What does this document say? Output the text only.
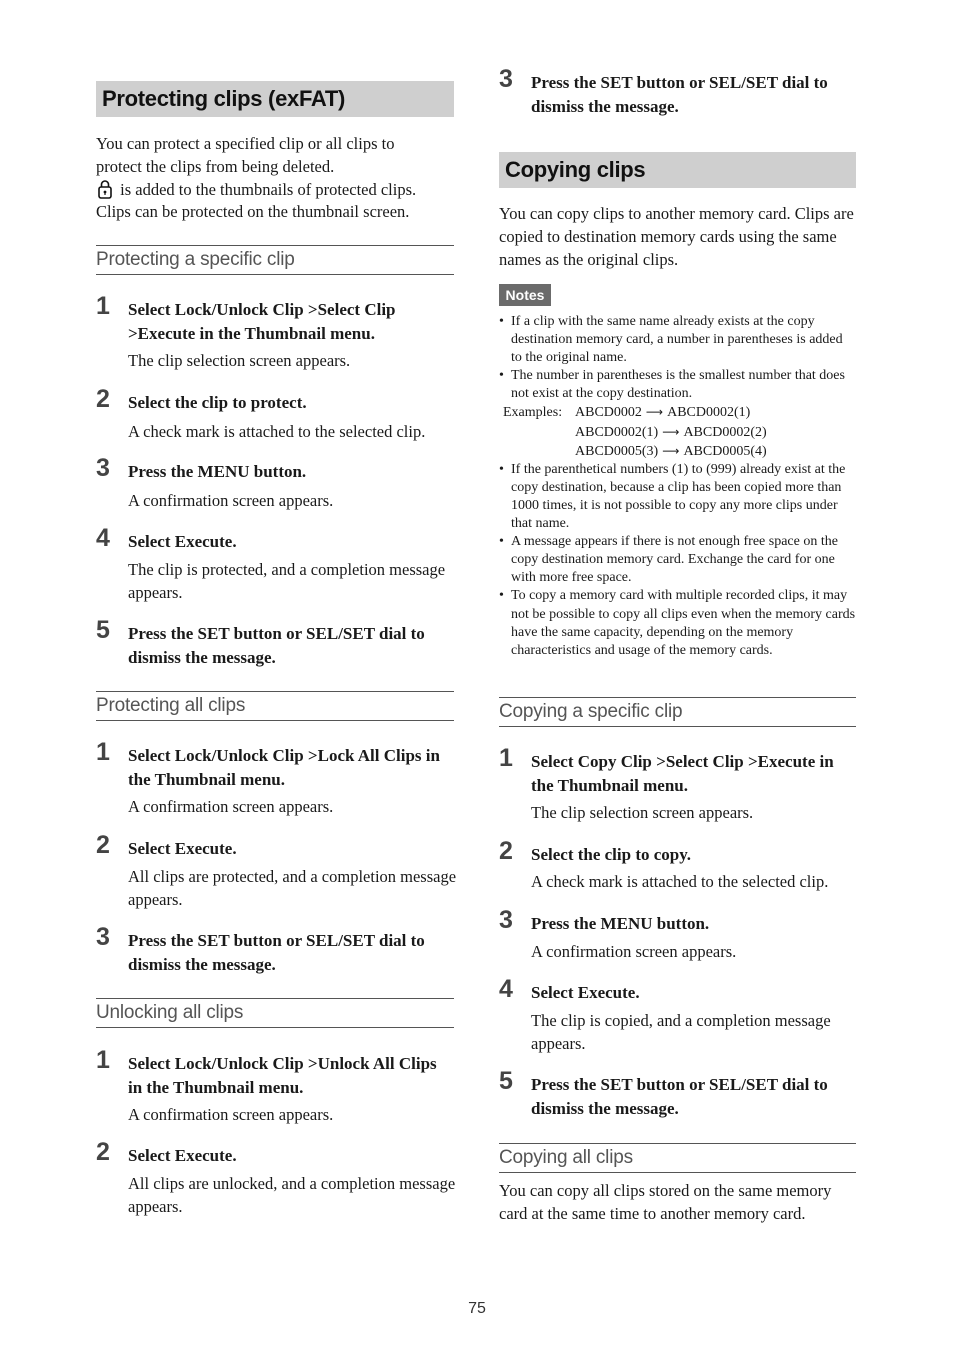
Protecting clips (exFAT)

You can protect a specified clip or all clips to
protect the clips from being deleted.
is added to the thumbnails of protected clips.
Clips can be protected on the thumbnail screen.

Protecting a specific clip
1 Select Lock/Unlock Clip >Select Clip >Execute in the Thumbnail menu.

The clip selection screen appears.

2 Select the clip to protect.

A check mark is attached to the selected clip.

3 Press the MENU button.

A confirmation screen appears.

4 Select Execute.

The clip is protected, and a completion message appears.

5 Press the SET button or SEL/SET dial to dismiss the message.

Protecting all clips
1 Select Lock/Unlock Clip >Lock All Clips in the Thumbnail menu.

A confirmation screen appears.

2 Select Execute.

All clips are protected, and a completion message appears.

3 Press the SET button or SEL/SET dial to dismiss the message.

Unlocking all clips
1 Select Lock/Unlock Clip >Unlock All Clips in the Thumbnail menu.

A confirmation screen appears.

2 Select Execute.

All clips are unlocked, and a completion message appears.

3 Press the SET button or SEL/SET dial to dismiss the message.

Copying clips

You can copy clips to another memory card. Clips are copied to destination memory cards using the same names as the original clips.

Notes
• If a clip with the same name already exists at the copy destination memory card, a number in parentheses is added to the original name.
• The number in parentheses is the smallest number that does not exist at the copy destination.
Examples: ABCD0002 ⟶ ABCD0002(1)
ABCD0002(1) ⟶ ABCD0002(2)
ABCD0005(3) ⟶ ABCD0005(4)
• If the parenthetical numbers (1) to (999) already exist at the copy destination, because a clip has been copied more than 1000 times, it is not possible to copy any more clips under that name.
• A message appears if there is not enough free space on the copy destination memory card. Exchange the card for one with more free space.
• To copy a memory card with multiple recorded clips, it may not be possible to copy all clips even when the memory cards have the same capacity, depending on the memory characteristics and usage of the memory cards.
Copying a specific clip
1 Select Copy Clip >Select Clip >Execute in the Thumbnail menu.

The clip selection screen appears.

2 Select the clip to copy.

A check mark is attached to the selected clip.

3 Press the MENU button.

A confirmation screen appears.

4 Select Execute.

The clip is copied, and a completion message appears.

5 Press the SET button or SEL/SET dial to dismiss the message.

Copying all clips

You can copy all clips stored on the same memory card at the same time to another memory card.

75
